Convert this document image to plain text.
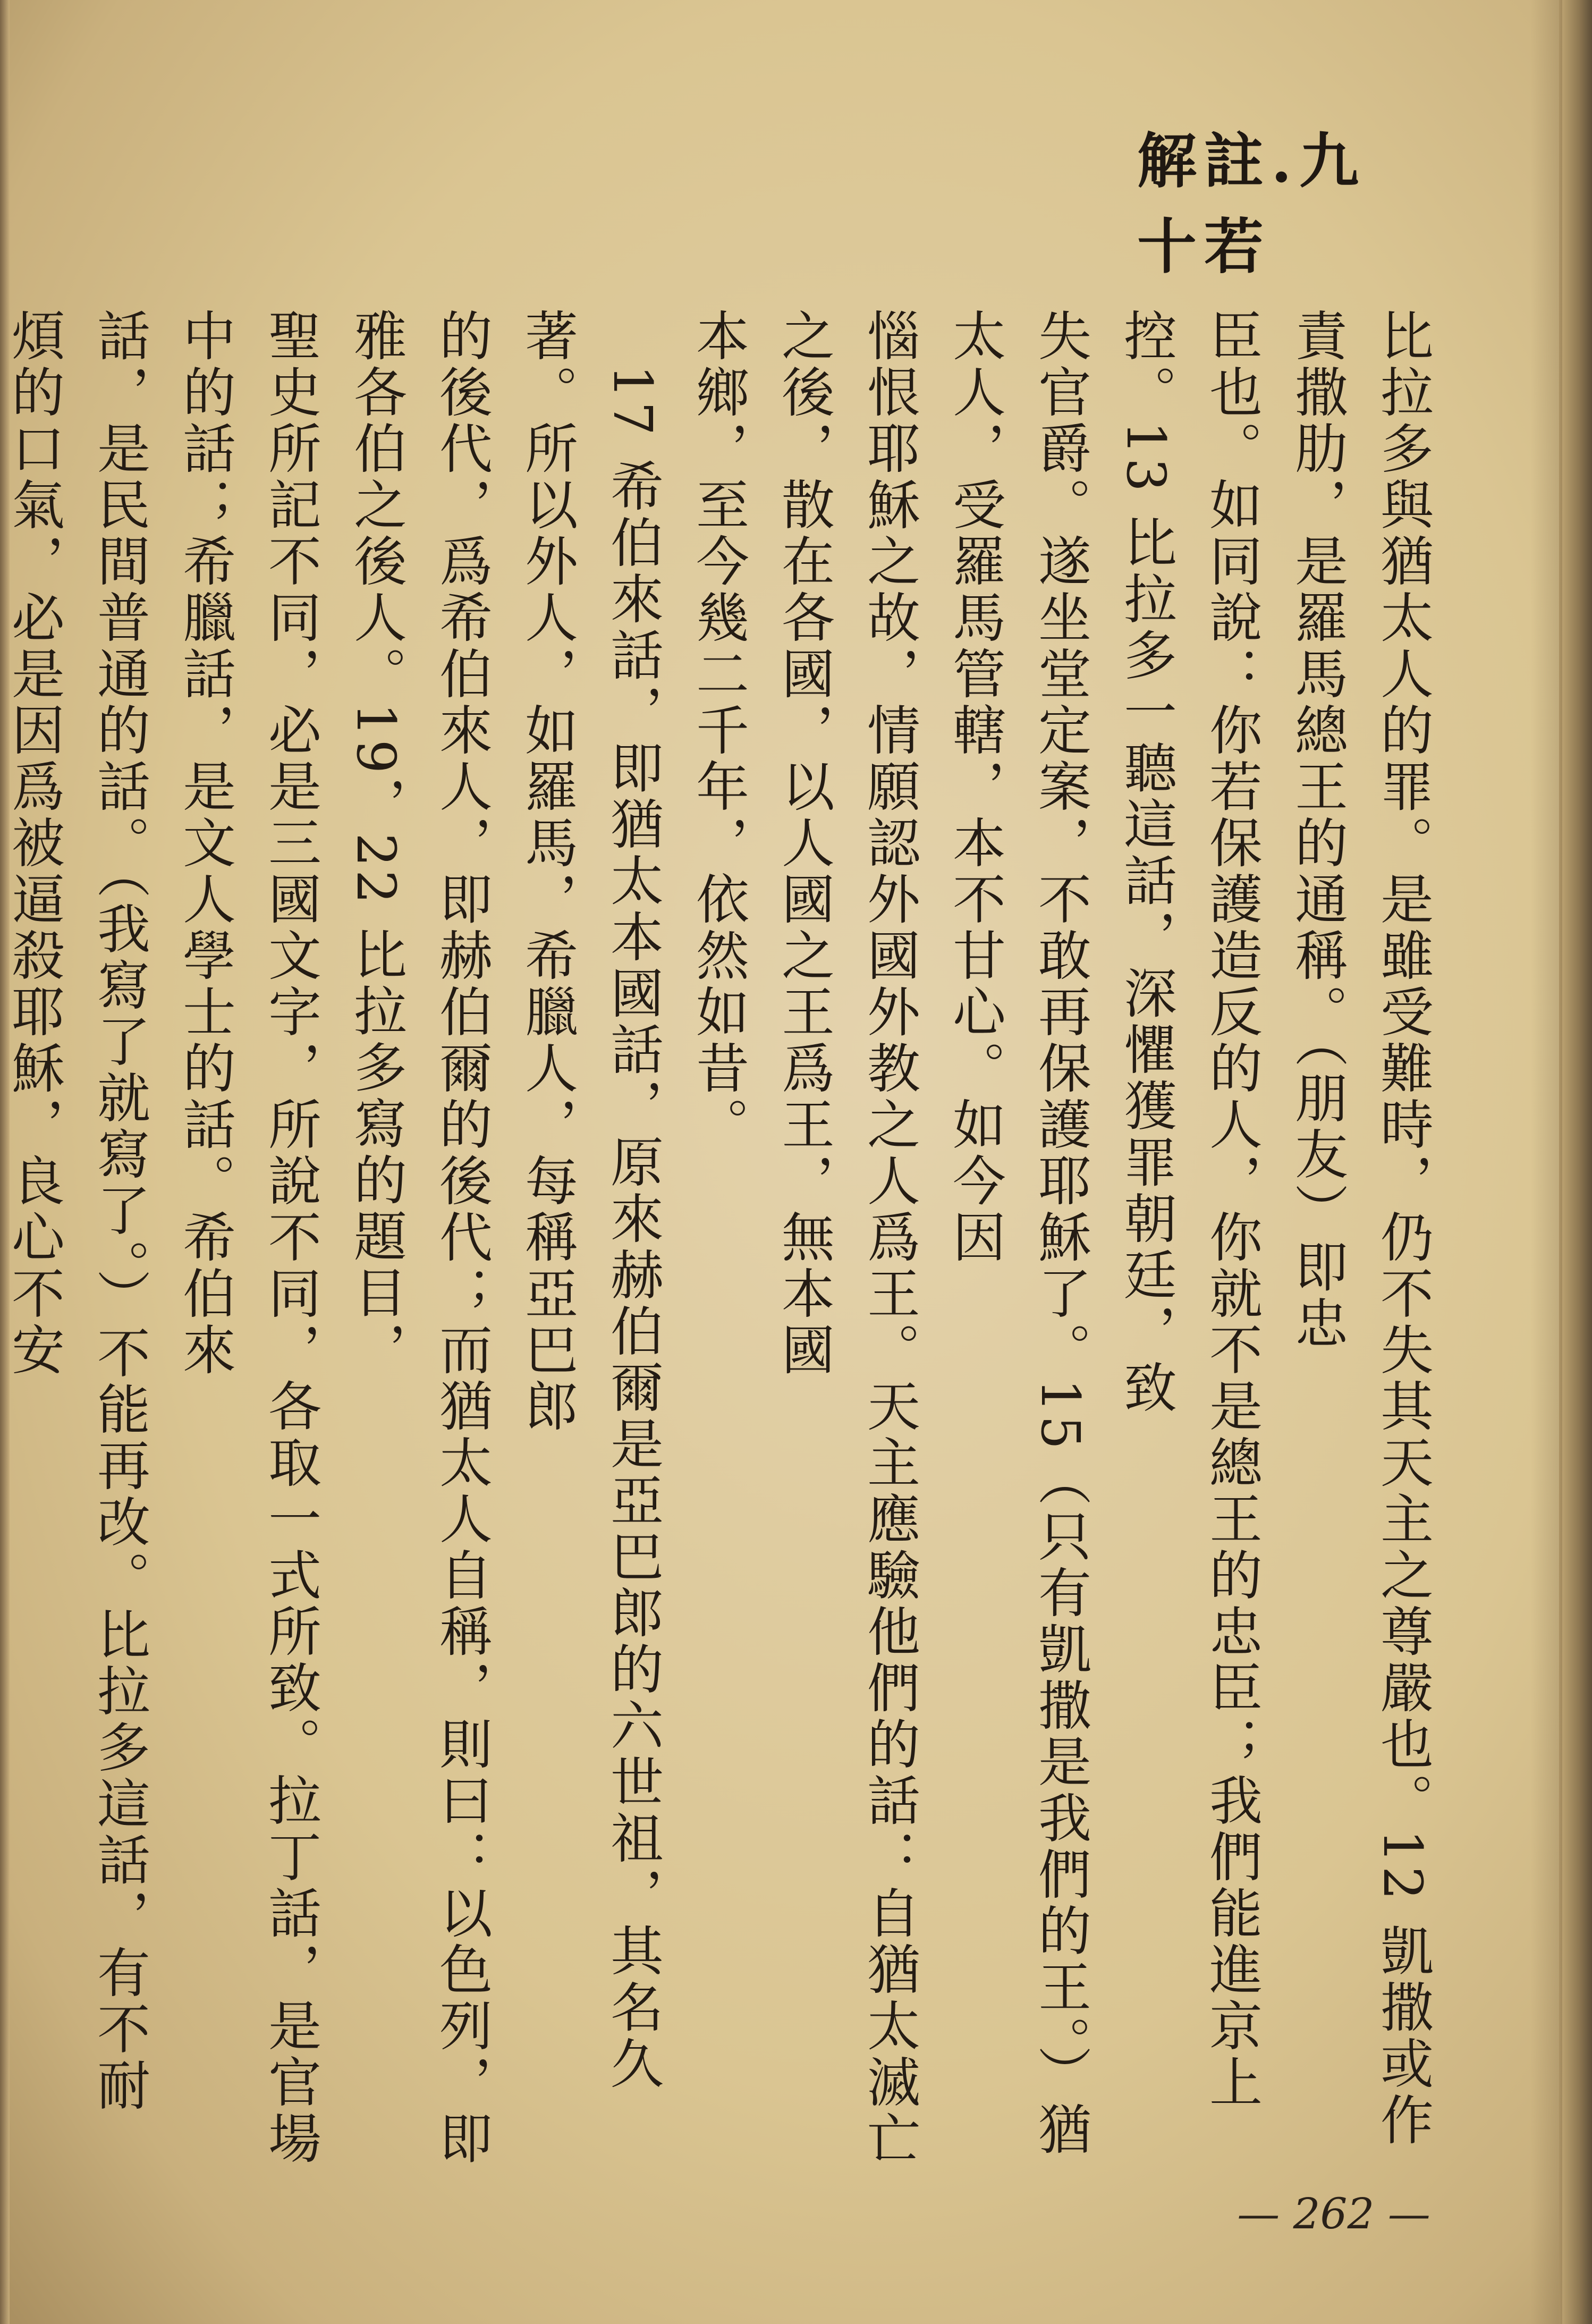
解註.九十若
比拉多與猶太人的罪。是雖受難時，仍不失其天主之尊嚴也。12 凱撒或作責撒肋，是羅馬總王的通稱。（朋友）即忠
臣也。如同說：你若保護造反的人，你就不是總王的忠臣；我們能進京上控。13 比拉多一聽這話，深懼獲罪朝廷，致
失官爵。遂坐堂定案，不敢再保護耶穌了。15（只有凱撒是我們的王。）猶太人，受羅馬管轄，本不甘心。如今因
惱恨耶穌之故，情願認外國外教之人爲王。天主應驗他們的話：自猶太滅亡之後，散在各國，以人國之王爲王，無本國
本鄉，至今幾二千年，依然如昔。
　17 希伯來話，即猶太本國話，原來赫伯爾是亞巴郎的六世祖，其名久著。所以外人，如羅馬，希臘人，每稱亞巴郎
的後代，爲希伯來人，即赫伯爾的後代；而猶太人自稱，則曰：以色列，即雅各伯之後人。19，22 比拉多寫的題目，
聖史所記不同，必是三國文字，所說不同，各取一式所致。拉丁話，是官場中的話；希臘話，是文人學士的話。希伯來
話，是民間普通的話。（我寫了就寫了。）不能再改。比拉多這話，有不耐煩的口氣，必是因爲被逼殺耶穌，良心不安

— 262 —
